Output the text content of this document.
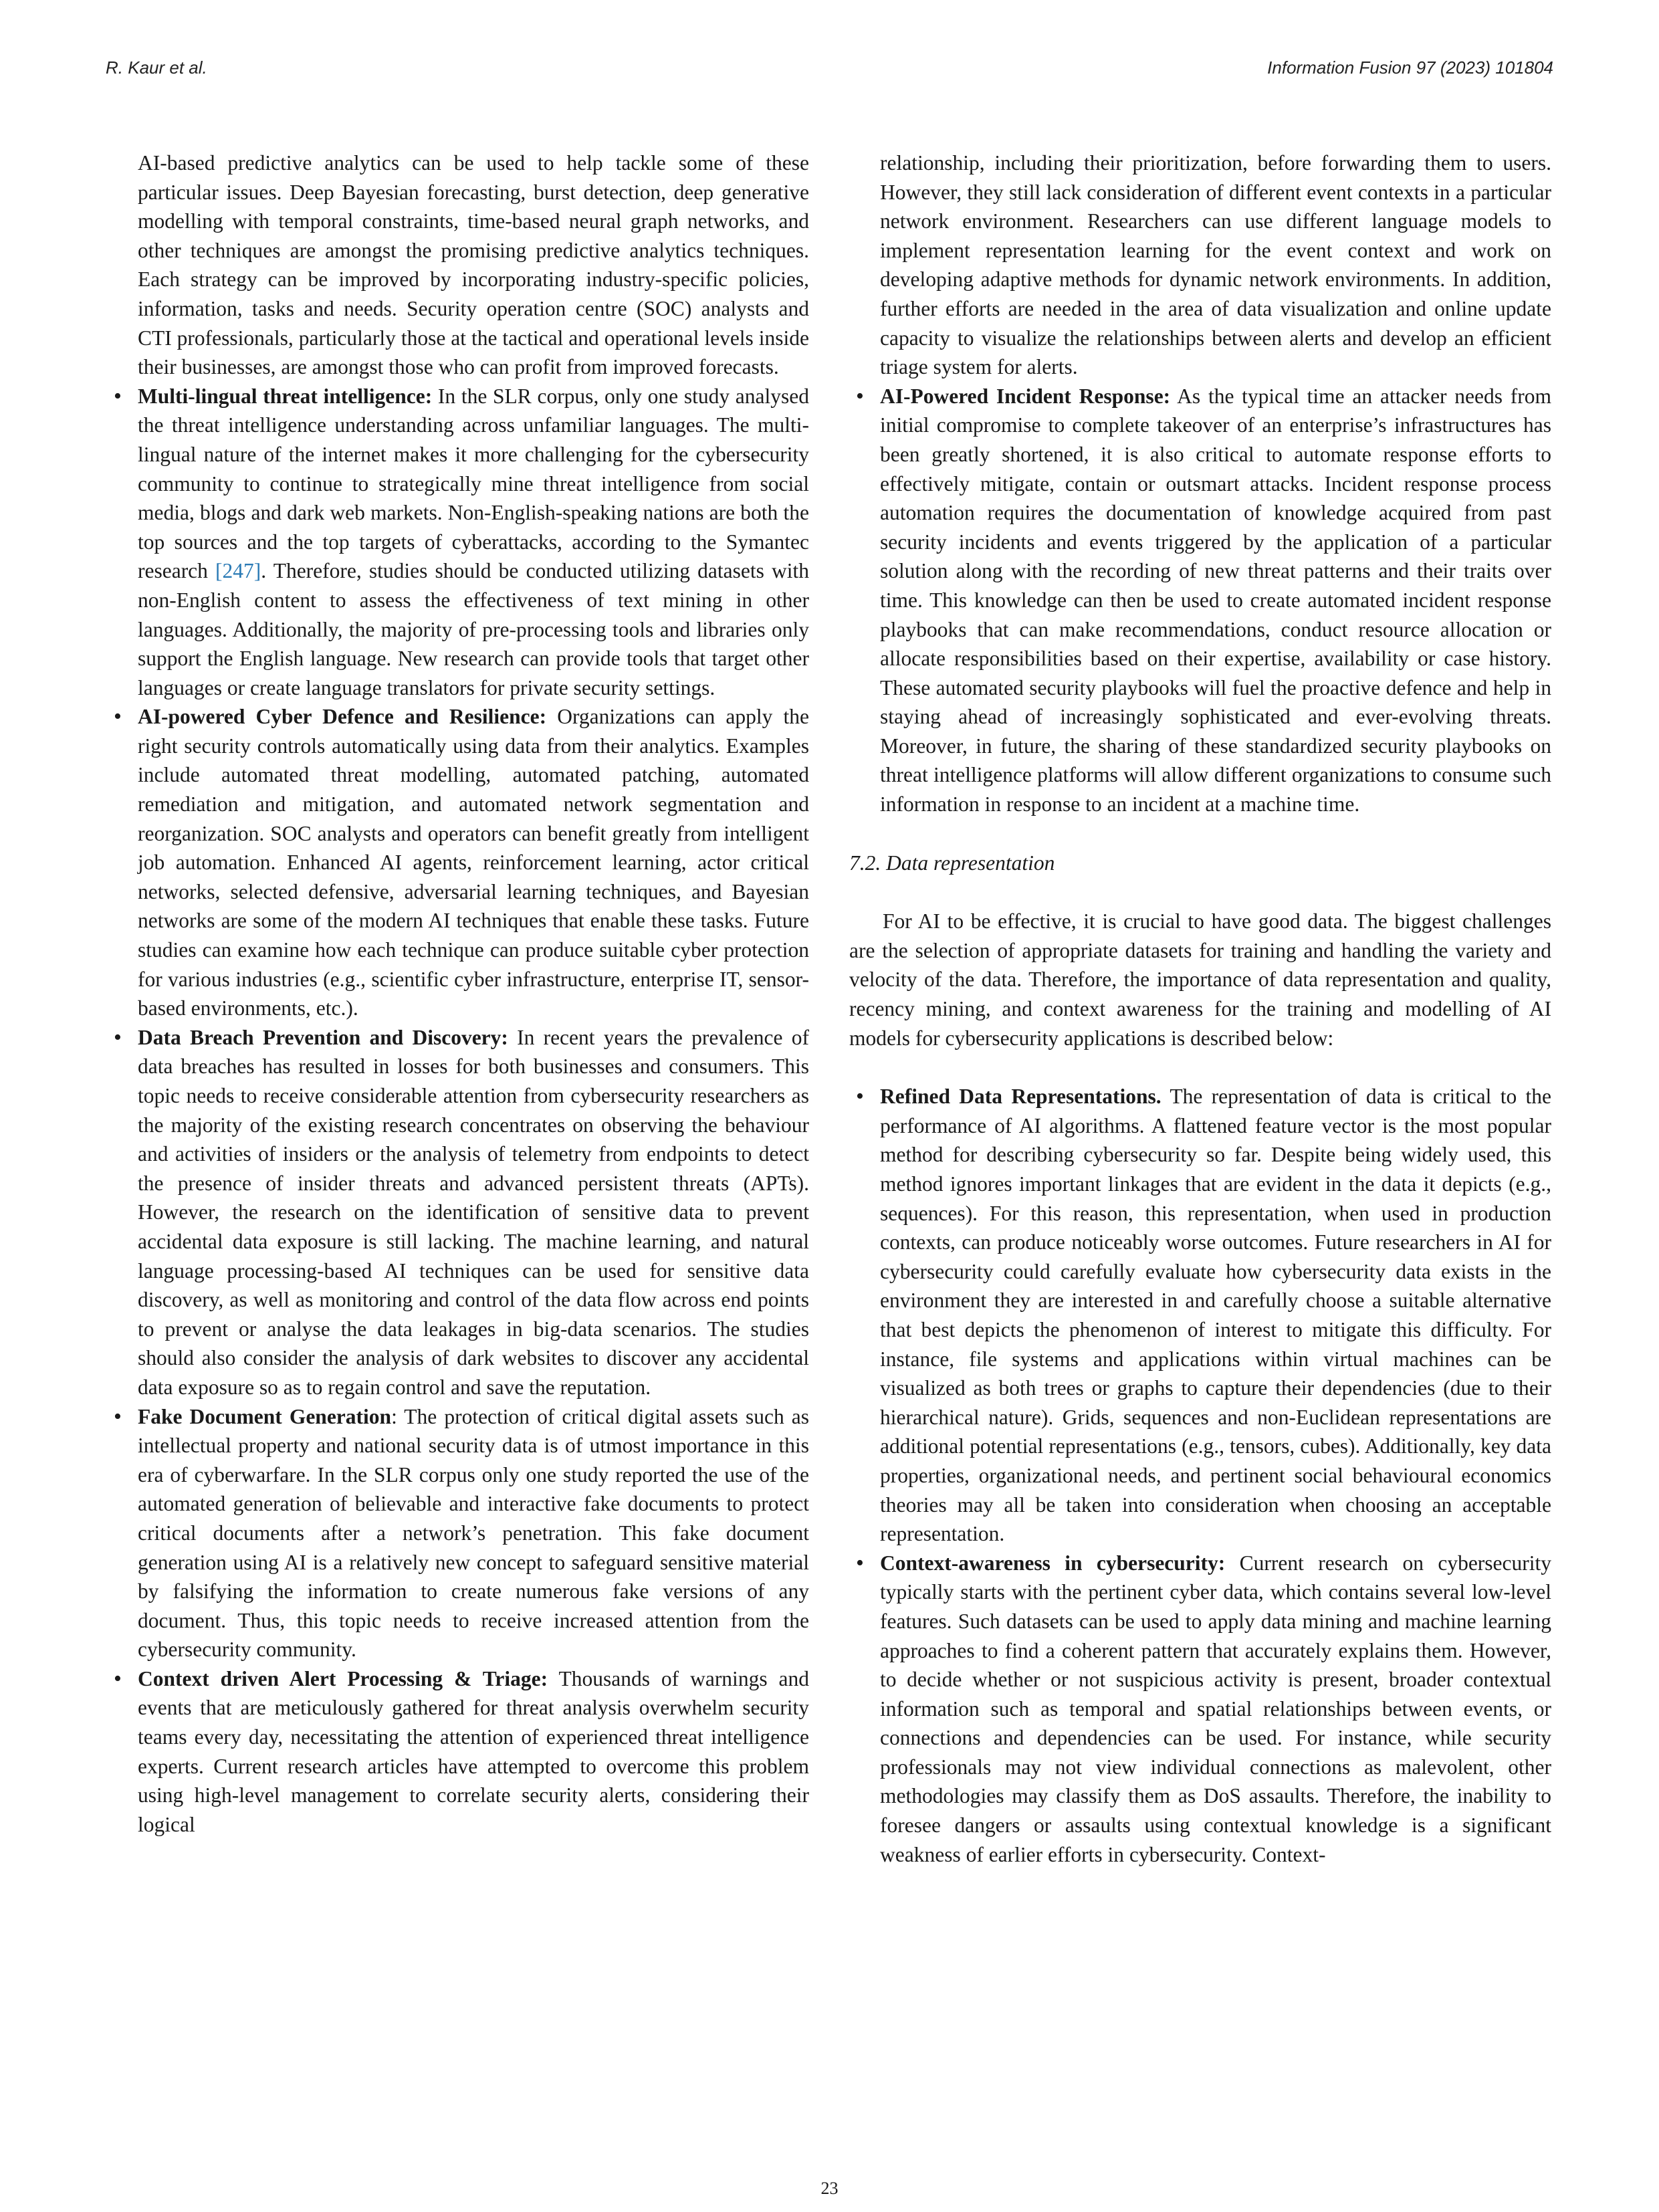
R. Kaur et al.	Information Fusion 97 (2023) 101804

AI-based predictive analytics can be used to help tackle some of these particular issues. Deep Bayesian forecasting, burst detection, deep generative modelling with temporal constraints, time-based neural graph networks, and other techniques are amongst the promising predictive analytics techniques. Each strategy can be improved by incorporating industry-specific policies, information, tasks and needs. Security operation centre (SOC) analysts and CTI professionals, particularly those at the tactical and operational levels inside their businesses, are amongst those who can profit from improved forecasts.

• Multi-lingual threat intelligence: In the SLR corpus, only one study analysed the threat intelligence understanding across unfamiliar languages. The multi-lingual nature of the internet makes it more challenging for the cybersecurity community to continue to strategically mine threat intelligence from social media, blogs and dark web markets. Non-English-speaking nations are both the top sources and the top targets of cyberattacks, according to the Symantec research [247]. Therefore, studies should be conducted utilizing datasets with non-English content to assess the effectiveness of text mining in other languages. Additionally, the majority of pre-processing tools and libraries only support the English language. New research can provide tools that target other languages or create language translators for private security settings.
• AI-powered Cyber Defence and Resilience: Organizations can apply the right security controls automatically using data from their analytics. Examples include automated threat modelling, automated patching, automated remediation and mitigation, and automated network segmentation and reorganization. SOC analysts and operators can benefit greatly from intelligent job automation. Enhanced AI agents, reinforcement learning, actor critical networks, selected defensive, adversarial learning techniques, and Bayesian networks are some of the modern AI techniques that enable these tasks. Future studies can examine how each technique can produce suitable cyber protection for various industries (e.g., scientific cyber infrastructure, enterprise IT, sensor-based environments, etc.).
• Data Breach Prevention and Discovery: In recent years the prevalence of data breaches has resulted in losses for both businesses and consumers. This topic needs to receive considerable attention from cybersecurity researchers as the majority of the existing research concentrates on observing the behaviour and activities of insiders or the analysis of telemetry from endpoints to detect the presence of insider threats and advanced persistent threats (APTs). However, the research on the identification of sensitive data to prevent accidental data exposure is still lacking. The machine learning, and natural language processing-based AI techniques can be used for sensitive data discovery, as well as monitoring and control of the data flow across end points to prevent or analyse the data leakages in big-data scenarios. The studies should also consider the analysis of dark websites to discover any accidental data exposure so as to regain control and save the reputation.
• Fake Document Generation: The protection of critical digital assets such as intellectual property and national security data is of utmost importance in this era of cyberwarfare. In the SLR corpus only one study reported the use of the automated generation of believable and interactive fake documents to protect critical documents after a network’s penetration. This fake document generation using AI is a relatively new concept to safeguard sensitive material by falsifying the information to create numerous fake versions of any document. Thus, this topic needs to receive increased attention from the cybersecurity community.
• Context driven Alert Processing & Triage: Thousands of warnings and events that are meticulously gathered for threat analysis overwhelm security teams every day, necessitating the attention of experienced threat intelligence experts. Current research articles have attempted to overcome this problem using high-level management to correlate security alerts, considering their logical

relationship, including their prioritization, before forwarding them to users. However, they still lack consideration of different event contexts in a particular network environment. Researchers can use different language models to implement representation learning for the event context and work on developing adaptive methods for dynamic network environments. In addition, further efforts are needed in the area of data visualization and online update capacity to visualize the relationships between alerts and develop an efficient triage system for alerts.

• AI-Powered Incident Response: As the typical time an attacker needs from initial compromise to complete takeover of an enterprise’s infrastructures has been greatly shortened, it is also critical to automate response efforts to effectively mitigate, contain or outsmart attacks. Incident response process automation requires the documentation of knowledge acquired from past security incidents and events triggered by the application of a particular solution along with the recording of new threat patterns and their traits over time. This knowledge can then be used to create automated incident response playbooks that can make recommendations, conduct resource allocation or allocate responsibilities based on their expertise, availability or case history. These automated security playbooks will fuel the proactive defence and help in staying ahead of increasingly sophisticated and ever-evolving threats. Moreover, in future, the sharing of these standardized security playbooks on threat intelligence platforms will allow different organizations to consume such information in response to an incident at a machine time.

7.2. Data representation

For AI to be effective, it is crucial to have good data. The biggest challenges are the selection of appropriate datasets for training and handling the variety and velocity of the data. Therefore, the importance of data representation and quality, recency mining, and context awareness for the training and modelling of AI models for cybersecurity applications is described below:

• Refined Data Representations. The representation of data is critical to the performance of AI algorithms. A flattened feature vector is the most popular method for describing cybersecurity so far. Despite being widely used, this method ignores important linkages that are evident in the data it depicts (e.g., sequences). For this reason, this representation, when used in production contexts, can produce noticeably worse outcomes. Future researchers in AI for cybersecurity could carefully evaluate how cybersecurity data exists in the environment they are interested in and carefully choose a suitable alternative that best depicts the phenomenon of interest to mitigate this difficulty. For instance, file systems and applications within virtual machines can be visualized as both trees or graphs to capture their dependencies (due to their hierarchical nature). Grids, sequences and non-Euclidean representations are additional potential representations (e.g., tensors, cubes). Additionally, key data properties, organizational needs, and pertinent social behavioural economics theories may all be taken into consideration when choosing an acceptable representation.
• Context-awareness in cybersecurity: Current research on cybersecurity typically starts with the pertinent cyber data, which contains several low-level features. Such datasets can be used to apply data mining and machine learning approaches to find a coherent pattern that accurately explains them. However, to decide whether or not suspicious activity is present, broader contextual information such as temporal and spatial relationships between events, or connections and dependencies can be used. For instance, while security professionals may not view individual connections as malevolent, other methodologies may classify them as DoS assaults. Therefore, the inability to foresee dangers or assaults using contextual knowledge is a significant weakness of earlier efforts in cybersecurity. Context-
23
